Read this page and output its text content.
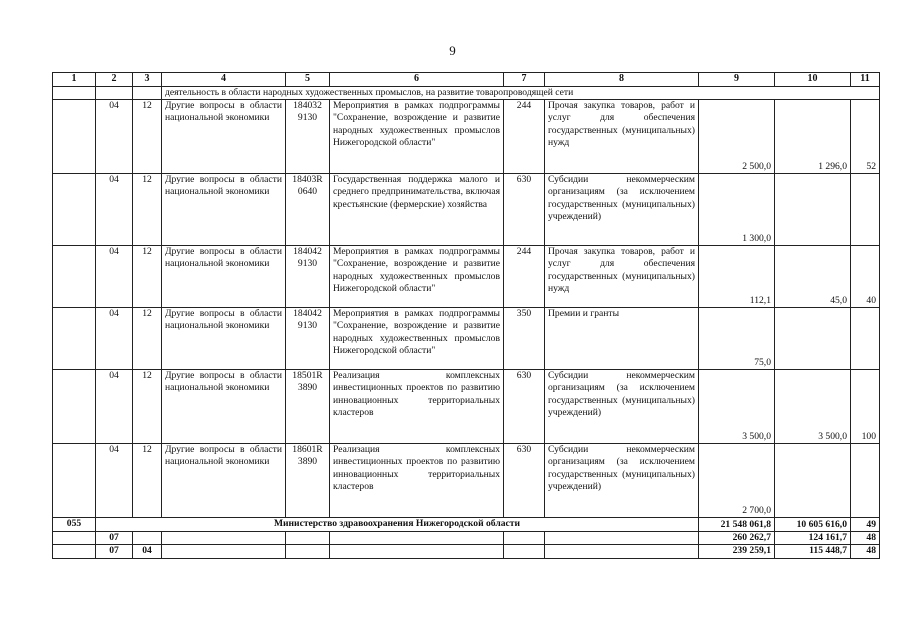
9
1	2	3	4	5	6	7	8	9	10	11
			деятельность в области народных художественных промыслов, на развитие товаропроводящей сети							
	04	12	Другие вопросы в области национальной экономики	184032 9130	Мероприятия в рамках подпрограммы "Сохранение, возрождение и развитие народных художественных промыслов Нижегородской области"	244	Прочая закупка товаров, работ и услуг для обеспечения государственных (муниципальных) нужд	2 500,0	1 296,0	52
	04	12	Другие вопросы в области национальной экономики	18403R 0640	Государственная поддержка малого и среднего предпринимательства, включая крестьянские (фермерские) хозяйства	630	Субсидии некоммерческим организациям (за исключением государственных (муниципальных) учреждений)	1 300,0		
	04	12	Другие вопросы в области национальной экономики	184042 9130	Мероприятия в рамках подпрограммы "Сохранение, возрождение и развитие народных художественных промыслов Нижегородской области"	244	Прочая закупка товаров, работ и услуг для обеспечения государственных (муниципальных) нужд	112,1	45,0	40
	04	12	Другие вопросы в области национальной экономики	184042 9130	Мероприятия в рамках подпрограммы "Сохранение, возрождение и развитие народных художественных промыслов Нижегородской области"	350	Премии и гранты	75,0		
	04	12	Другие вопросы в области национальной экономики	18501R 3890	Реализация комплексных инвестиционных проектов по развитию инновационных территориальных кластеров	630	Субсидии некоммерческим организациям (за исключением государственных (муниципальных) учреждений)	3 500,0	3 500,0	100
	04	12	Другие вопросы в области национальной экономики	18601R 3890	Реализация комплексных инвестиционных проектов по развитию инновационных территориальных кластеров	630	Субсидии некоммерческим организациям (за исключением государственных (муниципальных) учреждений)	2 700,0		
055	Министерство здравоохранения Нижегородской области							21 548 061,8	10 605 616,0	49
	07							260 262,7	124 161,7	48
	07	04						239 259,1	115 448,7	48
